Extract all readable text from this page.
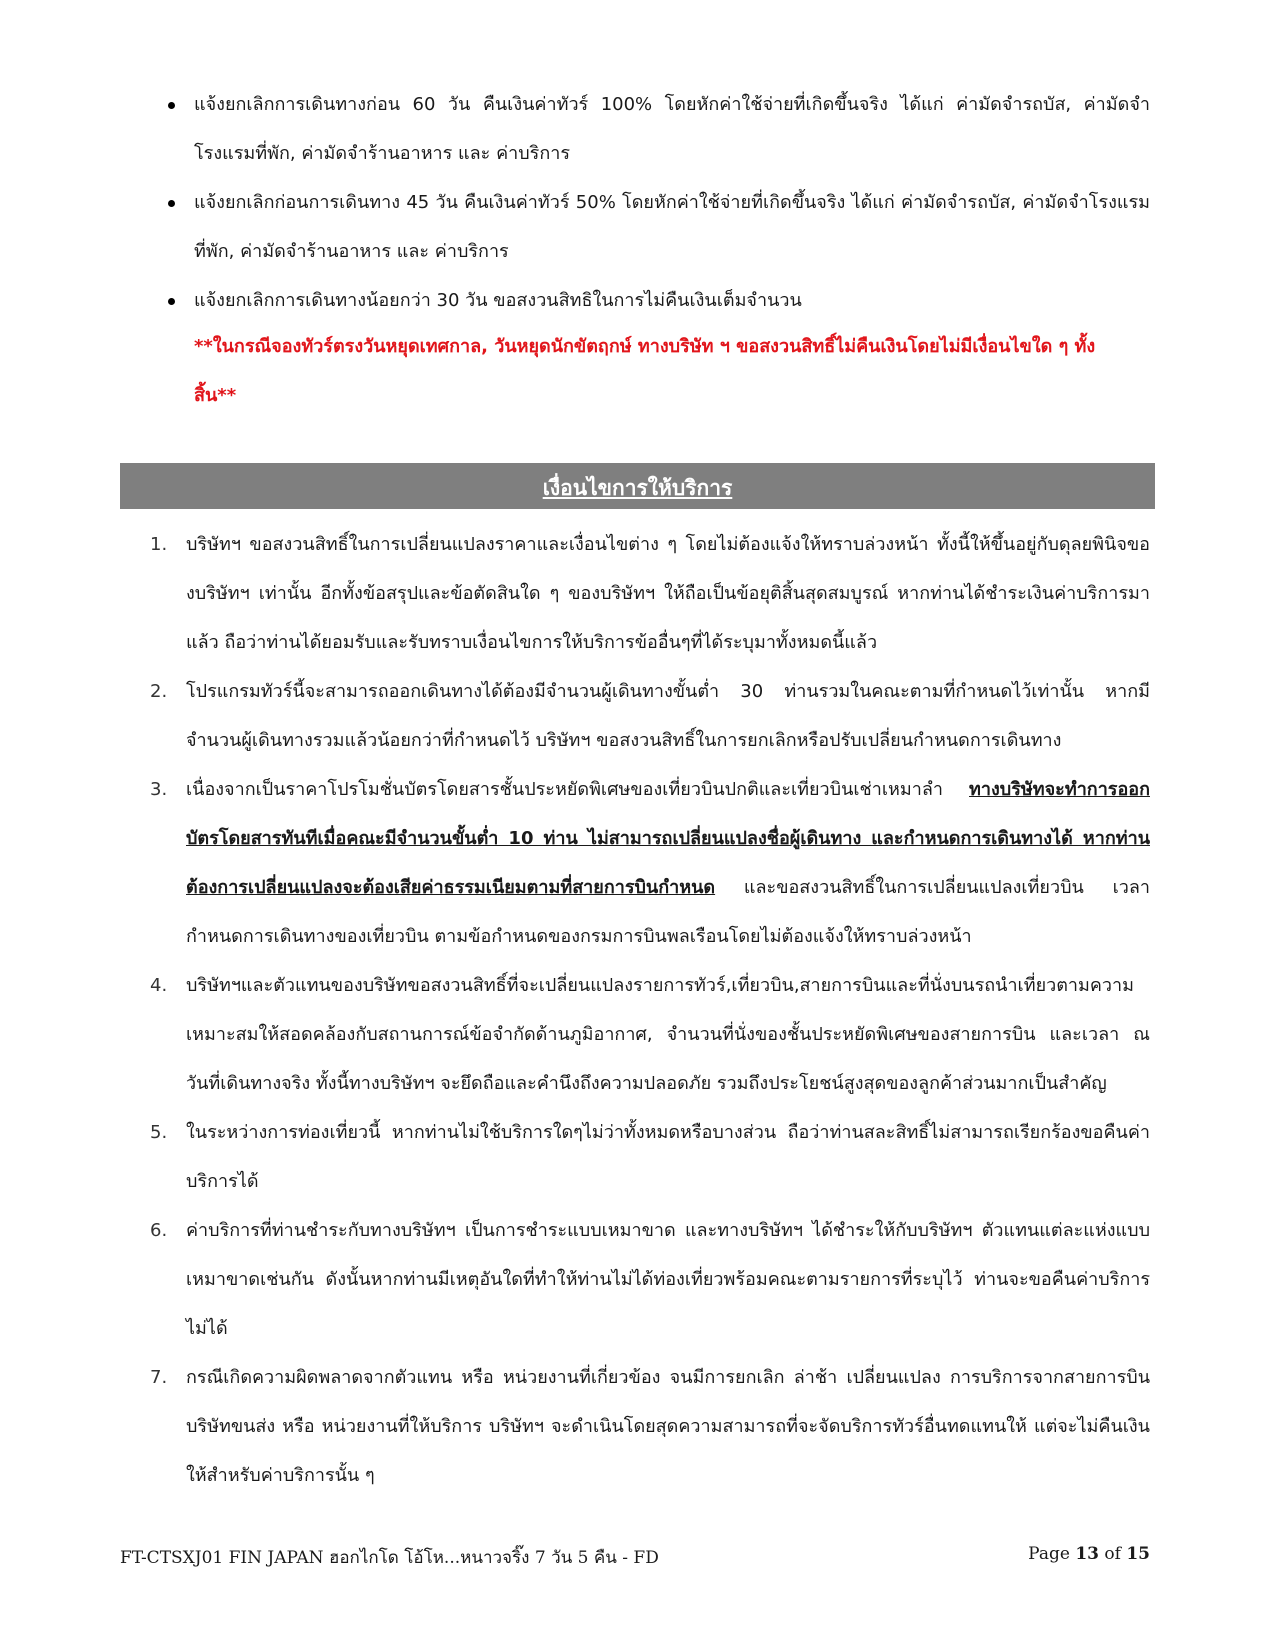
แจ้งยกเลิกการเดินทางก่อน 60 วัน คืนเงินค่าทัวร์ 100% โดยหักค่าใช้จ่ายที่เกิดขึ้นจริง ได้แก่ ค่ามัดจำรถบัส, ค่ามัดจำโรงแรมที่พัก, ค่ามัดจำร้านอาหาร และ ค่าบริการ
แจ้งยกเลิกก่อนการเดินทาง 45 วัน คืนเงินค่าทัวร์ 50% โดยหักค่าใช้จ่ายที่เกิดขึ้นจริง ได้แก่ ค่ามัดจำรถบัส, ค่ามัดจำโรงแรมที่พัก, ค่ามัดจำร้านอาหาร และ ค่าบริการ
แจ้งยกเลิกการเดินทางน้อยกว่า 30 วัน ขอสงวนสิทธิในการไม่คืนเงินเต็มจำนวน
**ในกรณีจองทัวร์ตรงวันหยุดเทศกาล, วันหยุดนักขัตฤกษ์ ทางบริษัท ฯ ขอสงวนสิทธิ์ไม่คืนเงินโดยไม่มีเงื่อนไขใด ๆ ทั้งสิ้น**
เงื่อนไขการให้บริการ
1. บริษัทฯ ขอสงวนสิทธิ์ในการเปลี่ยนแปลงราคาและเงื่อนไขต่าง ๆ โดยไม่ต้องแจ้งให้ทราบล่วงหน้า ทั้งนี้ให้ขึ้นอยู่กับดุลยพินิจของบริษัทฯ เท่านั้น อีกทั้งข้อสรุปและข้อตัดสินใด ๆ ของบริษัทฯ ให้ถือเป็นข้อยุติสิ้นสุดสมบูรณ์ หากท่านได้ชำระเงินค่าบริการมาแล้ว ถือว่าท่านได้ยอมรับและรับทราบเงื่อนไขการให้บริการข้ออื่นๆที่ได้ระบุมาทั้งหมดนี้แล้ว
2. โปรแกรมทัวร์นี้จะสามารถออกเดินทางได้ต้องมีจำนวนผู้เดินทางขั้นต่ำ 30 ท่านรวมในคณะตามที่กำหนดไว้เท่านั้น หากมีจำนวนผู้เดินทางรวมแล้วน้อยกว่าที่กำหนดไว้ บริษัทฯ ขอสงวนสิทธิ์ในการยกเลิกหรือปรับเปลี่ยนกำหนดการเดินทาง
3. เนื่องจากเป็นราคาโปรโมชั่นบัตรโดยสารชั้นประหยัดพิเศษของเที่ยวบินปกติและเที่ยวบินเช่าเหมาลำ ทางบริษัทจะทำการออกบัตรโดยสารทันทีเมื่อคณะมีจำนวนขั้นต่ำ 10 ท่าน ไม่สามารถเปลี่ยนแปลงชื่อผู้เดินทาง และกำหนดการเดินทางได้ หากท่านต้องการเปลี่ยนแปลงจะต้องเสียค่าธรรมเนียมตามที่สายการบินกำหนด และขอสงวนสิทธิ์ในการเปลี่ยนแปลงเที่ยวบิน เวลากำหนดการเดินทางของเที่ยวบิน ตามข้อกำหนดของกรมการบินพลเรือนโดยไม่ต้องแจ้งให้ทราบล่วงหน้า
4. บริษัทฯและตัวแทนของบริษัทขอสงวนสิทธิ์ที่จะเปลี่ยนแปลงรายการทัวร์,เที่ยวบิน,สายการบินและที่นั่งบนรถนำเที่ยวตามความเหมาะสมให้สอดคล้องกับสถานการณ์ข้อจำกัดด้านภูมิอากาศ, จำนวนที่นั่งของชั้นประหยัดพิเศษของสายการบิน และเวลา ณ วันที่เดินทางจริง ทั้งนี้ทางบริษัทฯ จะยึดถือและคำนึงถึงความปลอดภัย รวมถึงประโยชน์สูงสุดของลูกค้าส่วนมากเป็นสำคัญ
5. ในระหว่างการท่องเที่ยวนี้ หากท่านไม่ใช้บริการใดๆไม่ว่าทั้งหมดหรือบางส่วน ถือว่าท่านสละสิทธิ์ไม่สามารถเรียกร้องขอคืนค่าบริการได้
6. ค่าบริการที่ท่านชำระกับทางบริษัทฯ เป็นการชำระแบบเหมาขาด และทางบริษัทฯ ได้ชำระให้กับบริษัทฯ ตัวแทนแต่ละแห่งแบบเหมาขาดเช่นกัน ดังนั้นหากท่านมีเหตุอันใดที่ทำให้ท่านไม่ได้ท่องเที่ยวพร้อมคณะตามรายการที่ระบุไว้ ท่านจะขอคืนค่าบริการไม่ได้
7. กรณีเกิดความผิดพลาดจากตัวแทน หรือ หน่วยงานที่เกี่ยวข้อง จนมีการยกเลิก ล่าช้า เปลี่ยนแปลง การบริการจากสายการบิน บริษัทขนส่ง หรือ หน่วยงานที่ให้บริการ บริษัทฯ จะดำเนินโดยสุดความสามารถที่จะจัดบริการทัวร์อื่นทดแทนให้ แต่จะไม่คืนเงินให้สำหรับค่าบริการนั้น ๆ
FT-CTSXJ01 FIN JAPAN ฮอกไกโด โอ้โห...หนาวจริ๊ง 7 วัน 5 คืน - FD	Page 13 of 15
